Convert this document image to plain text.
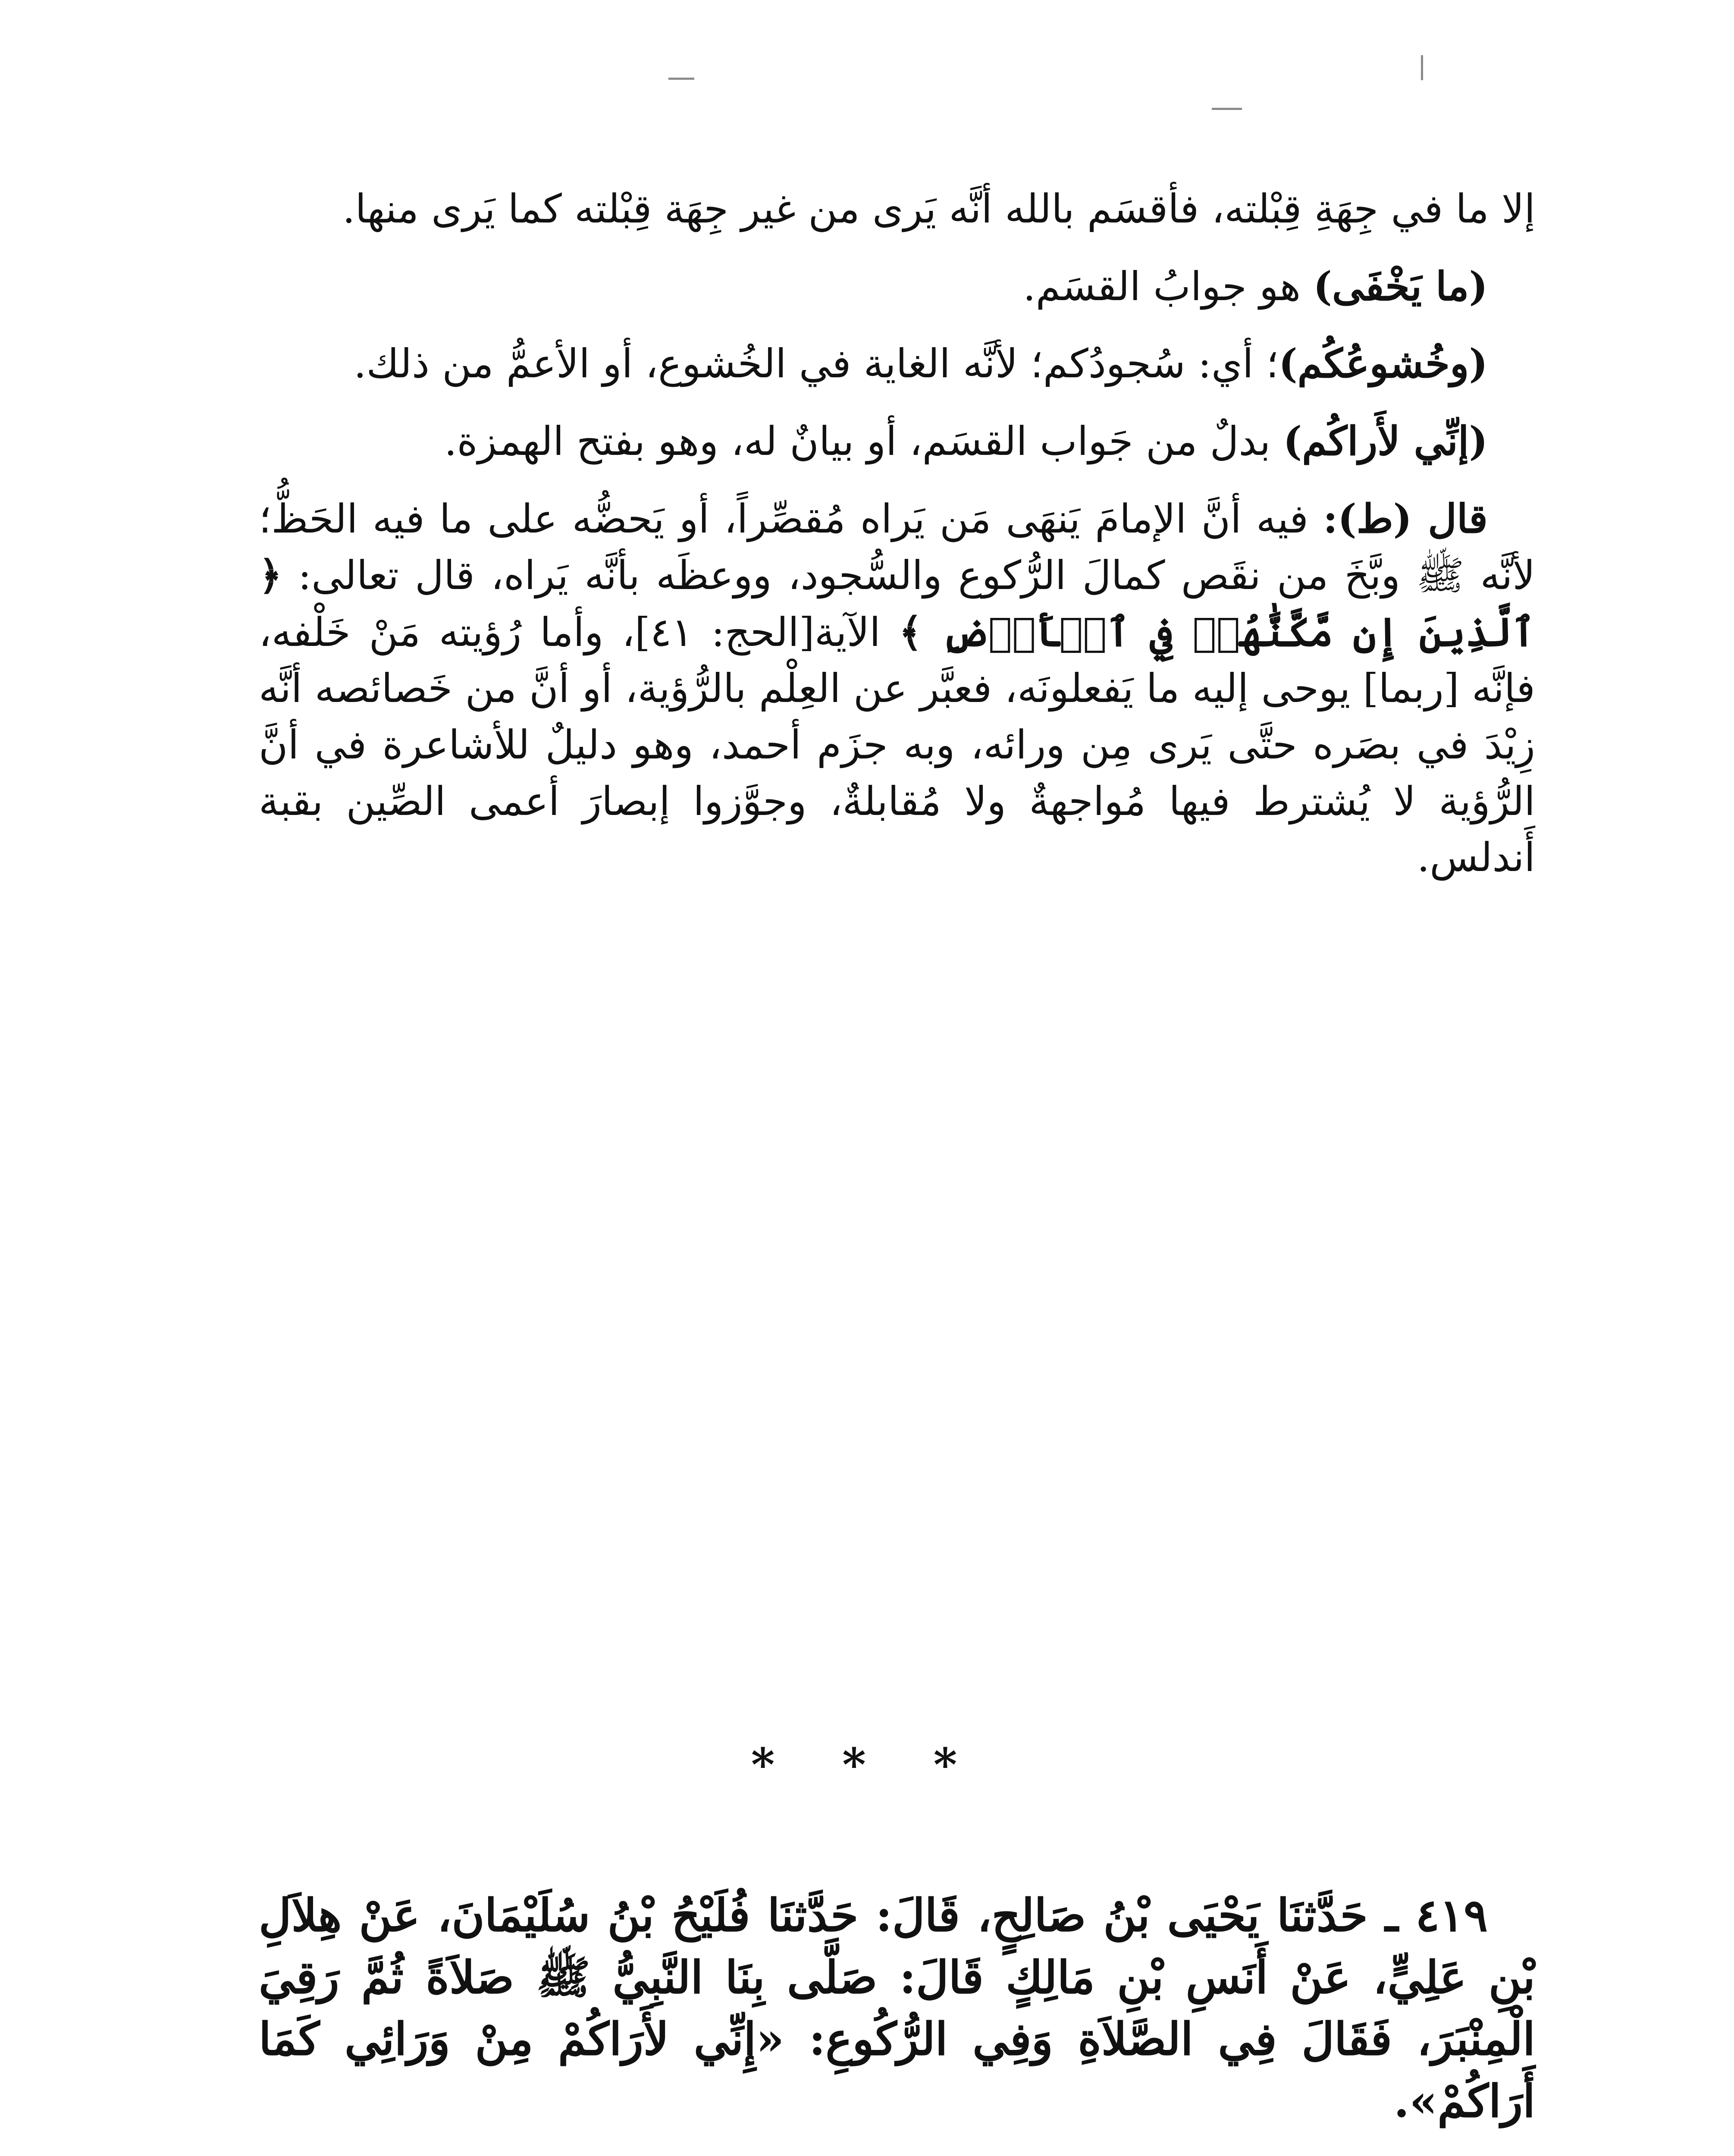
إلا ما في جِهَةِ قِبْلته، فأقسَم بالله أنَّه يَرى من غير جِهَة قِبْلته كما يَرى منها.

(ما يَخْفَى) هو جوابُ القسَم.

(وخُشوعُكُم)؛ أي: سُجودُكم؛ لأنَّه الغاية في الخُشوع، أو الأعمُّ من ذلك.

(إنِّي لأَراكُم) بدلٌ من جَواب القسَم، أو بيانٌ له، وهو بفتح الهمزة.

قال (ط): فيه أنَّ الإمامَ يَنهَى مَن يَراه مُقصِّراً، أو يَحضُّه على ما فيه الحَظُّ؛ لأنَّه ﷺ وبَّخَ من نقَص كمالَ الرُّكوع والسُّجود، ووعظَه بأنَّه يَراه، قال تعالى: ﴿ ٱلَّذِينَ إِن مَّكَّنَّٰهُمۡ فِي ٱلۡأَرۡضِ ﴾ الآية[الحج: ٤١]، وأما رُؤيته مَنْ خَلْفه، فإنَّه [ربما] يوحى إليه ما يَفعلونَه، فعبَّر عن العِلْم بالرُّؤية، أو أنَّ من خَصائصه أنَّه زِيْدَ في بصَره حتَّى يَرى مِن ورائه، وبه جزَم أحمد، وهو دليلٌ للأشاعرة في أنَّ الرُّؤية لا يُشترط فيها مُواجهةٌ ولا مُقابلةٌ، وجوَّزوا إبصارَ أعمى الصِّين بقبة أَندلس.

* * *

٤١٩ ـ حَدَّثنَا يَحْيَى بْنُ صَالِحٍ، قَالَ: حَدَّثنَا فُلَيْحُ بْنُ سُلَيْمَانَ، عَنْ هِلاَلِ بْنِ عَلِيٍّ، عَنْ أَنَسِ بْنِ مَالِكٍ قَالَ: صَلَّى بِنَا النَّبِيُّ ﷺ صَلاَةً ثُمَّ رَقِيَ الْمِنْبَرَ، فَقَالَ فِي الصَّلاَةِ وَفِي الرُّكُوعِ: «إِنِّي لأَرَاكُمْ مِنْ وَرَائِي كَمَا أَرَاكُمْ».
